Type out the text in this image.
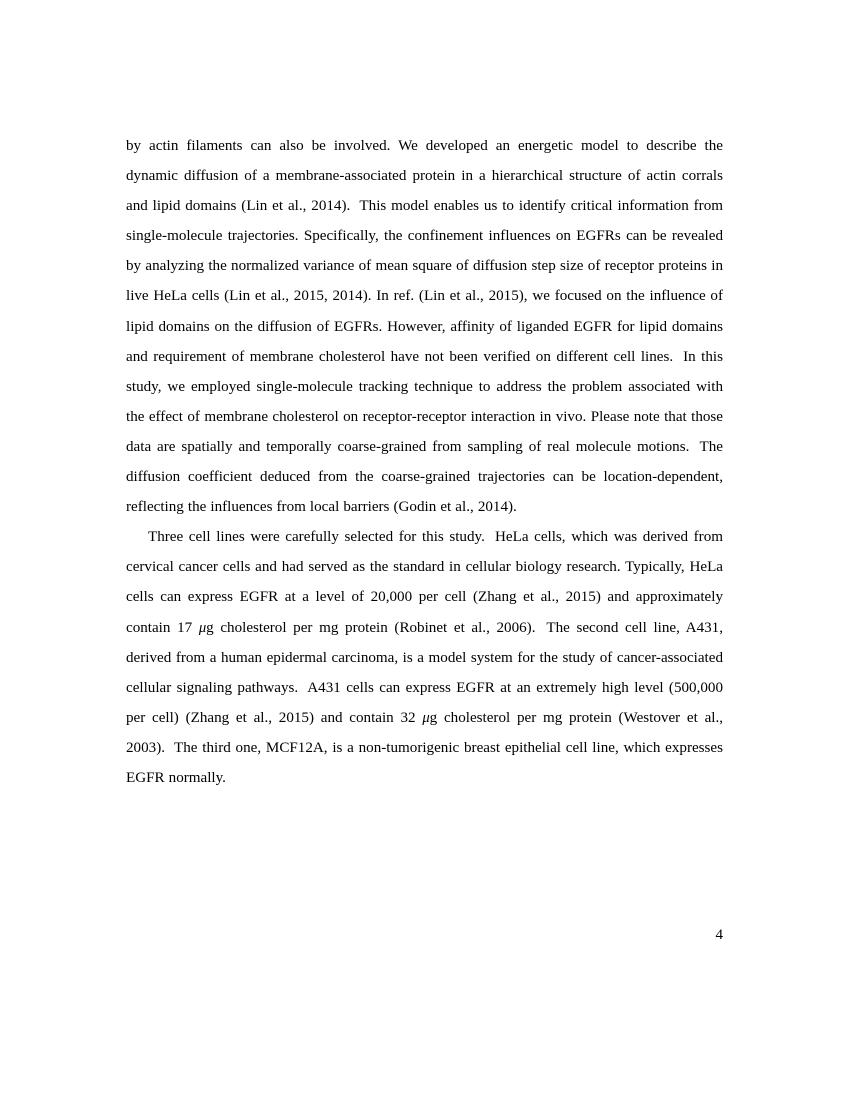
by actin filaments can also be involved. We developed an energetic model to describe the dynamic diffusion of a membrane-associated protein in a hierarchical structure of actin corrals and lipid domains (Lin et al., 2014). This model enables us to identify critical information from single-molecule trajectories. Specifically, the confinement influences on EGFRs can be revealed by analyzing the normalized variance of mean square of diffusion step size of receptor proteins in live HeLa cells (Lin et al., 2015, 2014). In ref. (Lin et al., 2015), we focused on the influence of lipid domains on the diffusion of EGFRs. However, affinity of liganded EGFR for lipid domains and requirement of membrane cholesterol have not been verified on different cell lines. In this study, we employed single-molecule tracking technique to address the problem associated with the effect of membrane cholesterol on receptor-receptor interaction in vivo. Please note that those data are spatially and temporally coarse-grained from sampling of real molecule motions. The diffusion coefficient deduced from the coarse-grained trajectories can be location-dependent, reflecting the influences from local barriers (Godin et al., 2014).

Three cell lines were carefully selected for this study. HeLa cells, which was derived from cervical cancer cells and had served as the standard in cellular biology research. Typically, HeLa cells can express EGFR at a level of 20,000 per cell (Zhang et al., 2015) and approximately contain 17 μg cholesterol per mg protein (Robinet et al., 2006). The second cell line, A431, derived from a human epidermal carcinoma, is a model system for the study of cancer-associated cellular signaling pathways. A431 cells can express EGFR at an extremely high level (500,000 per cell) (Zhang et al., 2015) and contain 32 μg cholesterol per mg protein (Westover et al., 2003). The third one, MCF12A, is a non-tumorigenic breast epithelial cell line, which expresses EGFR normally.

4
